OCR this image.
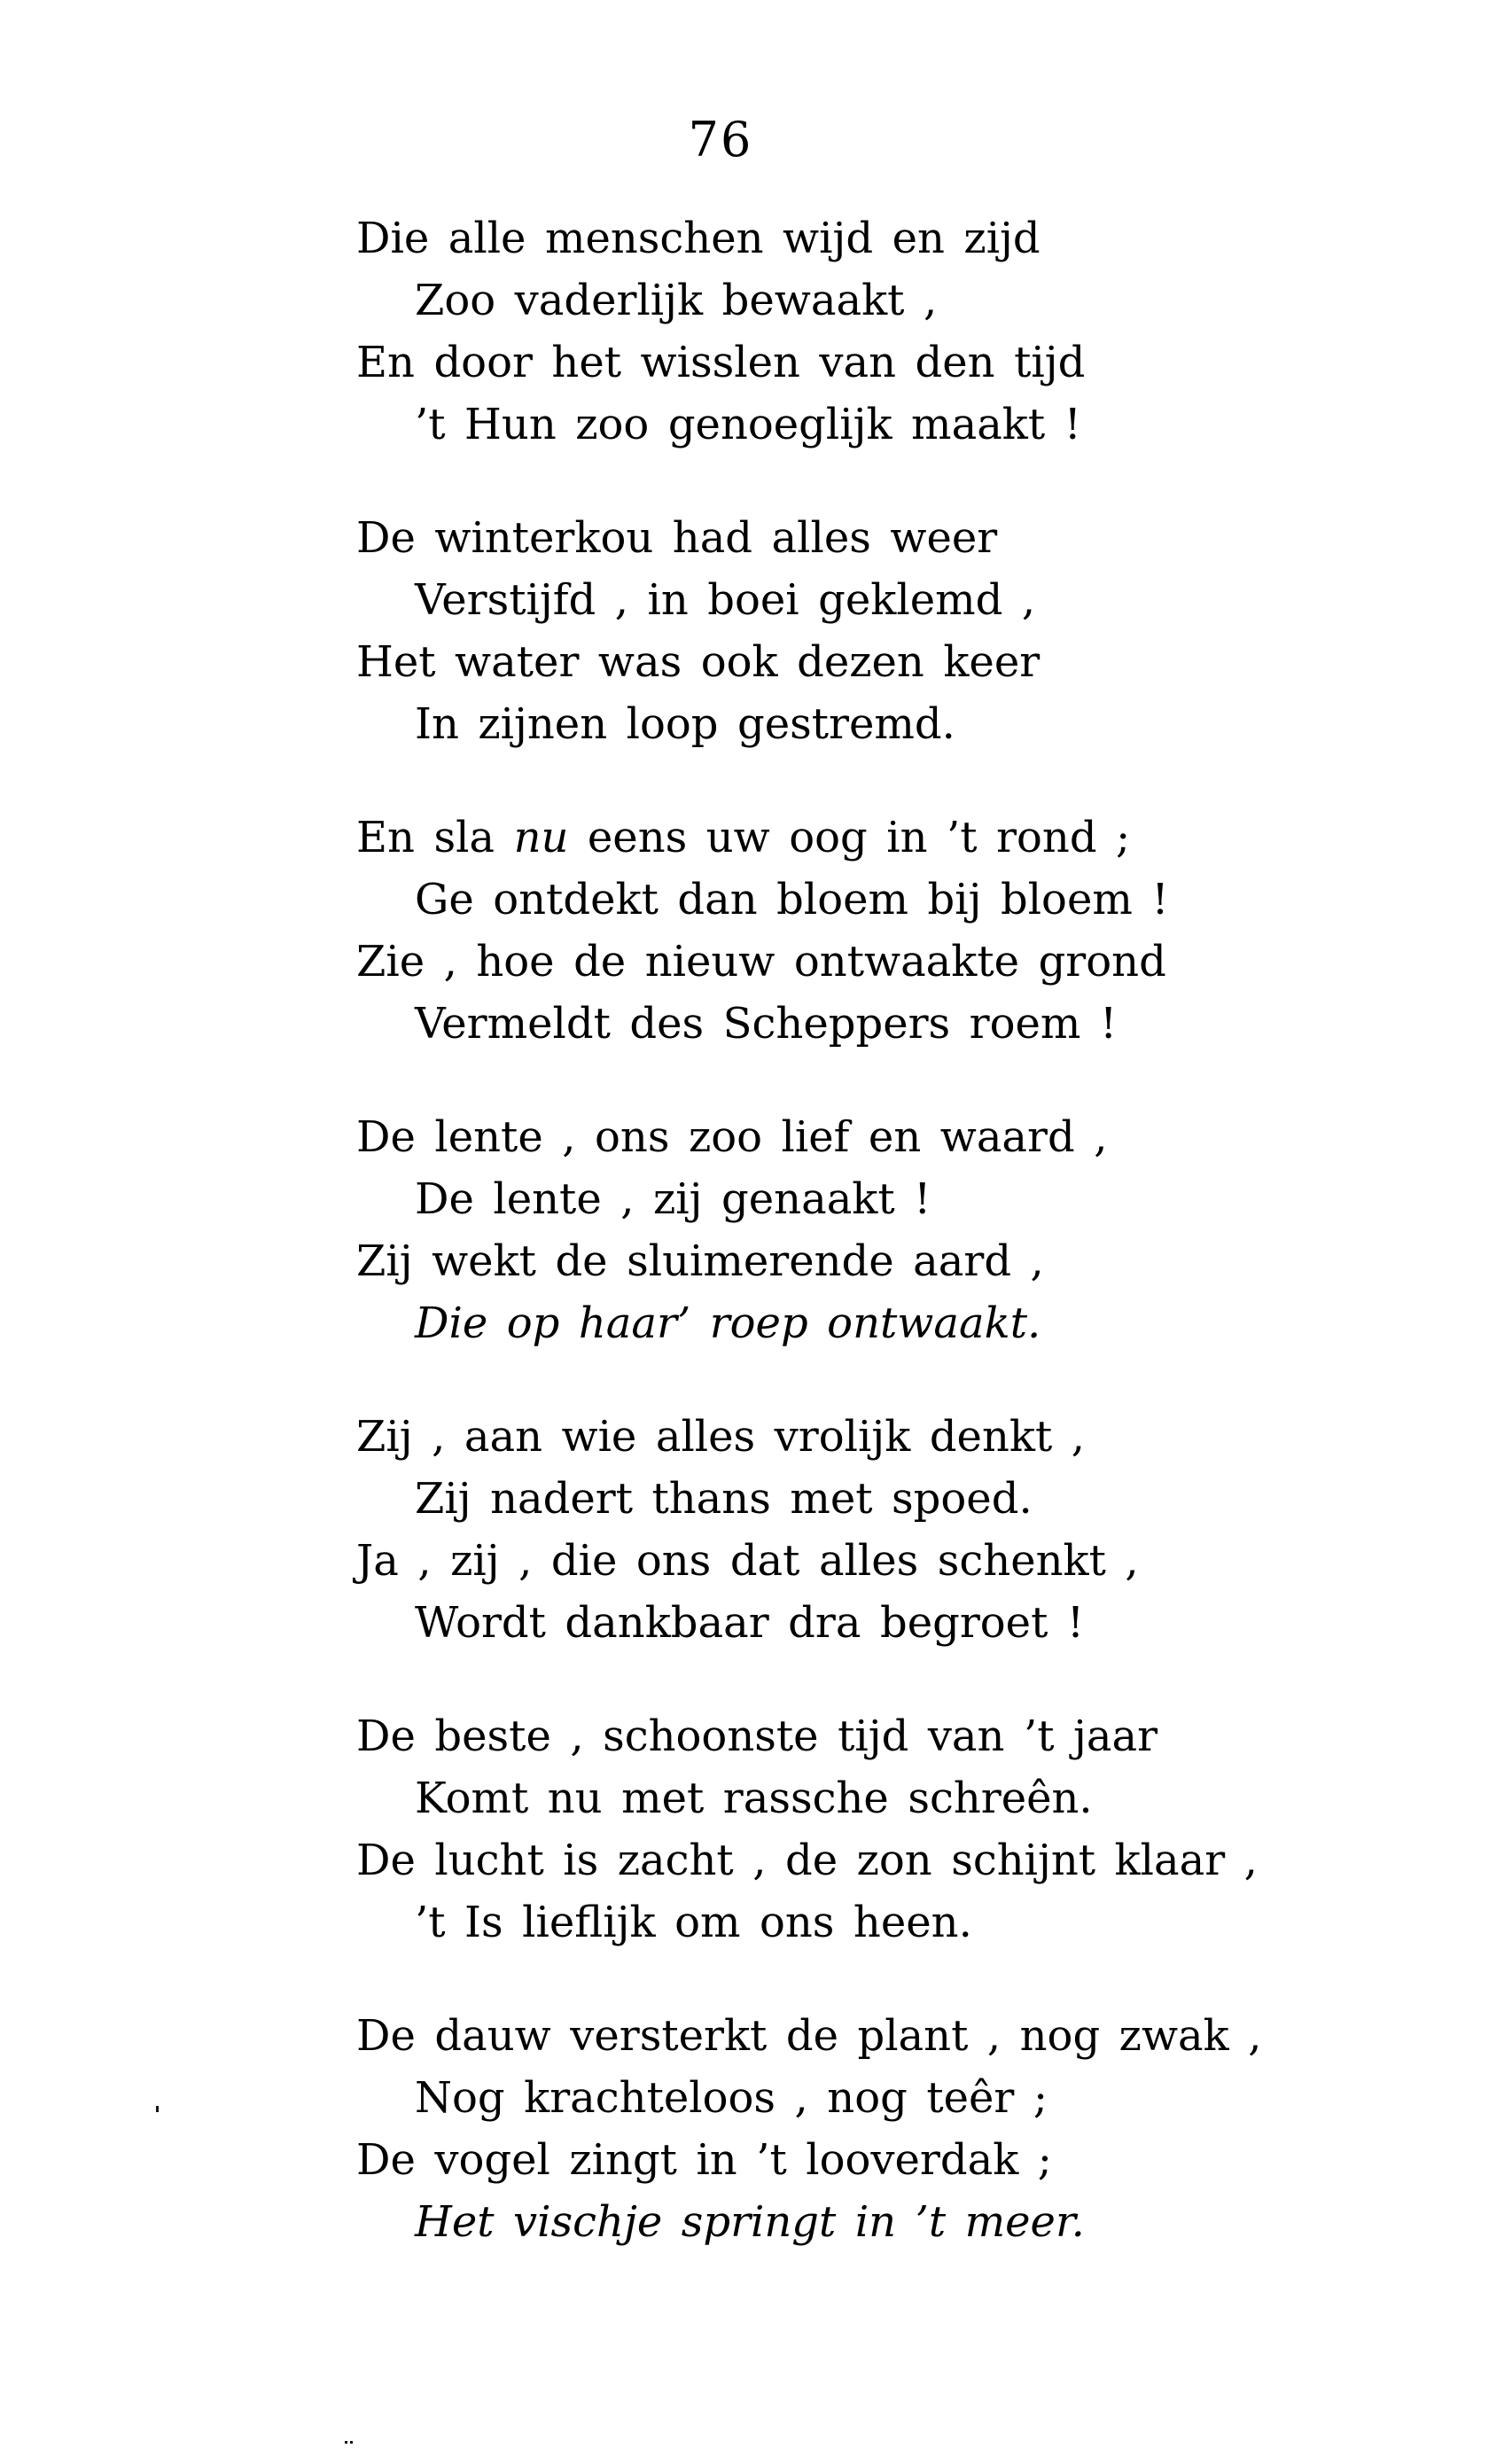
76
Die alle menschen wijd en zijd
Zoo vaderlijk bewaakt ,
En door het wisslen van den tijd
’t Hun zoo genoeglijk maakt !
De winterkou had alles weer
Verstijfd , in boei geklemd ,
Het water was ook dezen keer
In zijnen loop gestremd.
En sla nu eens uw oog in ’t rond ;
Ge ontdekt dan bloem bij bloem !
Zie , hoe de nieuw ontwaakte grond
Vermeldt des Scheppers roem !
De lente , ons zoo lief en waard ,
De lente , zij genaakt !
Zij wekt de sluimerende aard ,
Die op haar’ roep ontwaakt.
Zij , aan wie alles vrolijk denkt ,
Zij nadert thans met spoed.
Ja , zij , die ons dat alles schenkt ,
Wordt dankbaar dra begroet !
De beste , schoonste tijd van ’t jaar
Komt nu met rassche schreên.
De lucht is zacht , de zon schijnt klaar ,
’t Is lieflijk om ons heen.
De dauw versterkt de plant , nog zwak ,
Nog krachteloos , nog teêr ;
De vogel zingt in ’t looverdak ;
Het vischje springt in ’t meer.
